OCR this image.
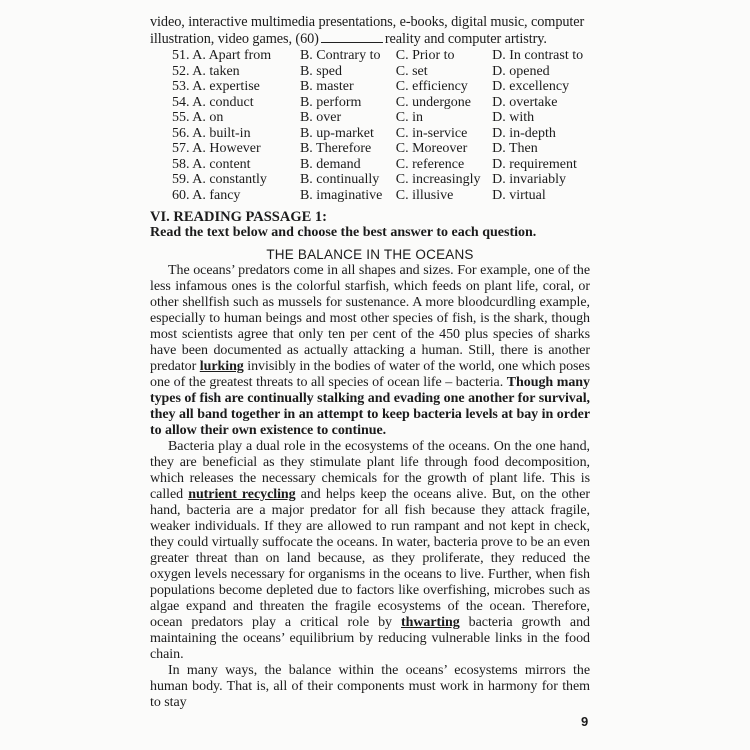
video, interactive multimedia presentations, e-books, digital music, computer
illustration, video games, (60)	reality and computer artistry.
51. A. Apart from	B. Contrary to	C. Prior to	D. In contrast to
52. A. taken	B. sped	C. set	D. opened
53. A. expertise	B. master	C. efficiency	D. excellency
54. A. conduct	B. perform	C. undergone	D. overtake
55. A. on	B. over	C. in	D. with
56. A. built-in	B. up-market	C. in-service	D. in-depth
57. A. However	B. Therefore	C. Moreover	D. Then
58. A. content	B. demand	C. reference	D. requirement
59. A. constantly	B. continually	C. increasingly	D. invariably
60. A. fancy	B. imaginative	C. illusive	D. virtual
VI. READING PASSAGE 1:
Read the text below and choose the best answer to each question.
THE BALANCE IN THE OCEANS

The oceans’ predators come in all shapes and sizes. For example, one of the less infamous ones is the colorful starfish, which feeds on plant life, coral, or other shellfish such as mussels for sustenance. A more bloodcurdling example, especially to human beings and most other species of fish, is the shark, though most scientists agree that only ten per cent of the 450 plus species of sharks have been documented as actually attacking a human. Still, there is another predator lurking invisibly in the bodies of water of the world, one which poses one of the greatest threats to all species of ocean life – bacteria. Though many types of fish are continually stalking and evading one another for survival, they all band together in an attempt to keep bacteria levels at bay in order to allow their own existence to continue.

Bacteria play a dual role in the ecosystems of the oceans. On the one hand, they are beneficial as they stimulate plant life through food decomposition, which releases the necessary chemicals for the growth of plant life. This is called nutrient recycling and helps keep the oceans alive. But, on the other hand, bacteria are a major predator for all fish because they attack fragile, weaker individuals. If they are allowed to run rampant and not kept in check, they could virtually suffocate the oceans. In water, bacteria prove to be an even greater threat than on land because, as they proliferate, they reduced the oxygen levels necessary for organisms in the oceans to live. Further, when fish populations become depleted due to factors like overfishing, microbes such as algae expand and threaten the fragile ecosystems of the ocean. Therefore, ocean predators play a critical role by thwarting bacteria growth and maintaining the oceans’ equilibrium by reducing vulnerable links in the food chain.

In many ways, the balance within the oceans’ ecosystems mirrors the human body. That is, all of their components must work in harmony for them to stay

9
